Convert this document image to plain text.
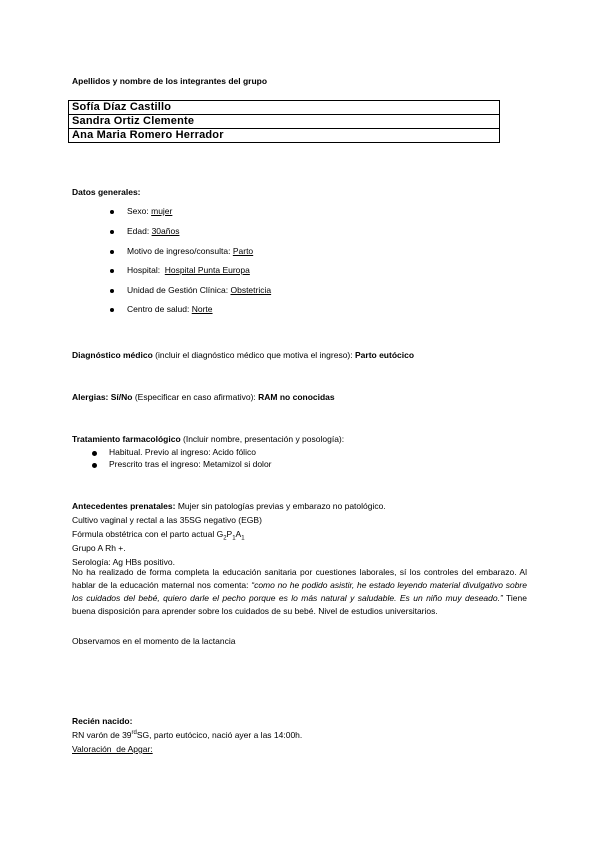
Apellidos y nombre de los integrantes del grupo
Sofía Díaz Castillo
Sandra Ortiz Clemente
Ana Maria Romero Herrador
Datos generales:
Sexo: mujer
Edad: 30años
Motivo de ingreso/consulta: Parto
Hospital:  Hospital Punta Europa
Unidad de Gestión Clínica: Obstetricia
Centro de salud: Norte
Diagnóstico médico (incluir el diagnóstico médico que motiva el ingreso): Parto eutócico
Alergias: Sí/No (Especificar en caso afirmativo): RAM no conocidas
Tratamiento farmacológico (Incluir nombre, presentación y posología):
Habitual. Previo al ingreso: Acido fólico
Prescrito tras el ingreso: Metamizol si dolor
Antecedentes prenatales: Mujer sin patologías previas y embarazo no patológico.
Cultivo vaginal y rectal a las 35SG negativo (EGB)
Fórmula obstétrica con el parto actual $G_2P_1A_1$
Grupo A Rh +.
Serología: Ag HBs positivo.
No ha realizado de forma completa la educación sanitaria por cuestiones laborales, sí los controles del embarazo. Al hablar de la educación maternal nos comenta: “como no he podido asistir, he estado leyendo material divulgativo sobre los cuidados del bebé, quiero darle el pecho porque es lo más natural y saludable. Es un niño muy deseado.” Tiene buena disposición para aprender sobre los cuidados de su bebé. Nivel de estudios universitarios.
Observamos en el momento de la lactancia
Recién nacido:
RN varón de 39rdSG, parto eutócico, nació ayer a las 14:00h.
Valoración  de Apgar:
